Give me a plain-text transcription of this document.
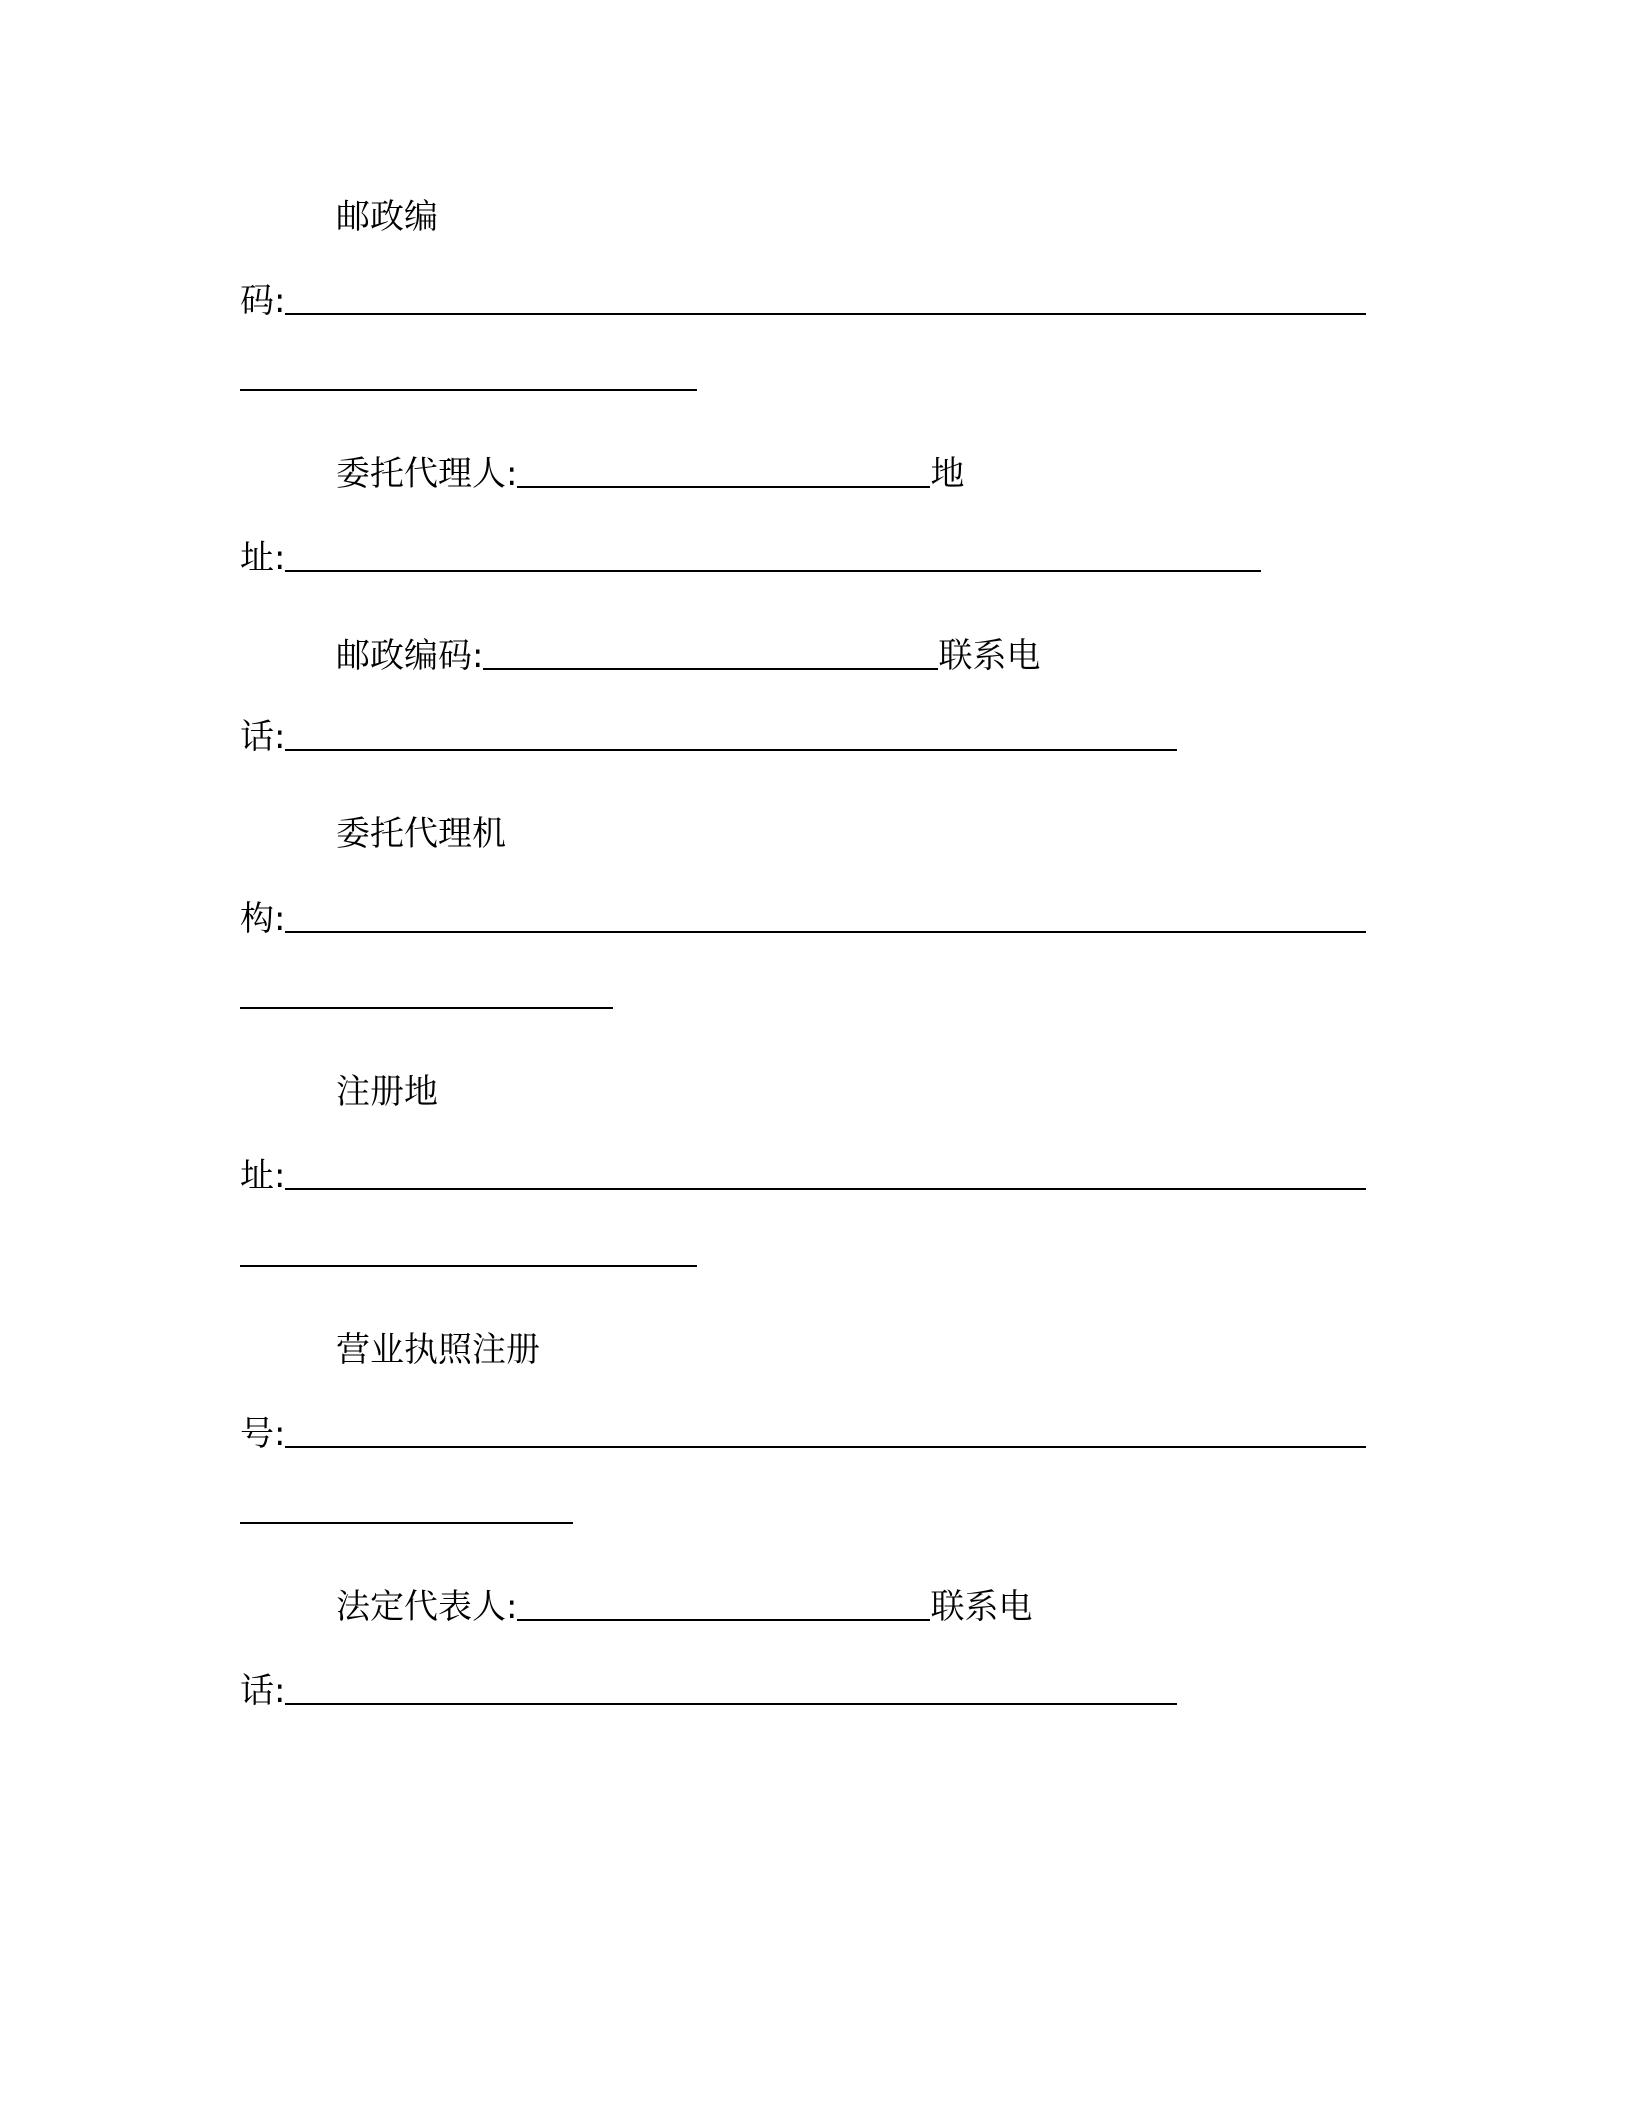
邮政编
码:
委托代理人:	地
址:
邮政编码:	联系电
话:
委托代理机
构:
注册地
址:
营业执照注册
号:
法定代表人:	联系电
话:
